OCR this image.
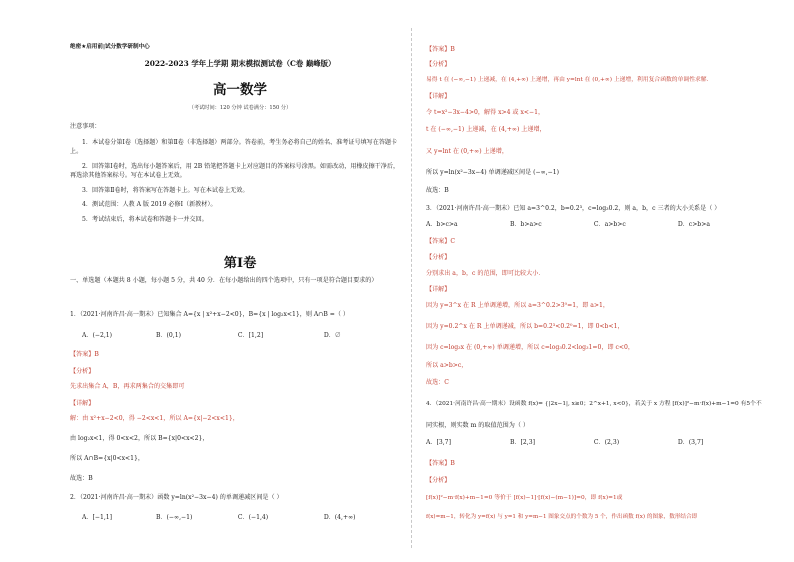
绝密★启用前|试分数学研制中心
2022-2023 学年上学期 期末模拟测试卷（C卷 巅峰版）
高一数学
（考试时间：120 分钟 试卷满分：150 分）
注意事项：

1．本试卷分第Ⅰ卷（选择题）和第Ⅱ卷（非选择题）两部分。答卷前，考生务必将自己的姓名、准考证号填写在答题卡上。

2．回答第Ⅰ卷时，选出每小题答案后，用 2B 铅笔把答题卡上对应题目的答案标号涂黑。如需改动，用橡皮擦干净后，再选涂其他答案标号。写在本试卷上无效。

3．回答第Ⅱ卷时，将答案写在答题卡上。写在本试卷上无效。

4．测试范围：人教 A 版 2019 必修Ⅰ（新教材）。

5．考试结束后，将本试卷和答题卡一并交回。

第Ⅰ卷
一、单选题（本题共 8 小题，每小题 5 分，共 40 分．在每小题给出的四个选项中，只有一项是符合题目要求的）
1．（2021·河南许昌·高一期末）已知集合 A={x | x²+x−2<0}，B={x | log₂x<1}，则 A∩B =（ ）
A．(−2,1)	B．(0,1)	C．[1,2]	D．∅
【答案】B
【分析】
先求出集合 A，B，再求两集合的交集即可
【详解】
解：由 x²+x−2<0，得 −2<x<1，所以 A={x|−2<x<1}，
由 log₂x<1，得 0<x<2，所以 B={x|0<x<2}，
所以 A∩B={x|0<x<1}，
故选：B
2．（2021·河南许昌·高一期末）函数 y=ln(x²−3x−4) 的单调递减区间是（ ）
A．[−1,1]	B．(−∞,−1)	C．(−1,4)	D．(4,+∞)
【答案】B
【分析】
易得 t 在 (−∞,−1) 上递减，在 (4,+∞) 上递增，再由 y=lnt 在 (0,+∞) 上递增，利用复合函数的单调性求解．
【详解】
令 t=x²−3x−4>0，解得 x>4 或 x<−1，
t 在 (−∞,−1) 上递减，在 (4,+∞) 上递增，
又 y=lnt 在 (0,+∞) 上递增，
所以 y=ln(x²−3x−4) 单调递减区间是 (−∞,−1)
故选：B
3．（2021·河南许昌·高一期末）已知 a=3^0.2，b=0.2³，c=log₃0.2，则 a，b，c 三者的大小关系是（ ）
A．b>c>a	B．b>a>c	C．a>b>c	D．c>b>a
【答案】C
【分析】
分别求出 a，b，c 的范围，即可比较大小．
【详解】
因为 y=3^x 在 R 上单调递增，所以 a=3^0.2>3⁰=1，即 a>1，
因为 y=0.2^x 在 R 上单调递减，所以 b=0.2³<0.2⁰=1，即 0<b<1，
因为 c=log₃x 在 (0,+∞) 单调递增，所以 c=log₃0.2<log₃1=0，即 c<0，
所以 a>b>c，
故选：C
4．（2021·河南许昌·高一期末）设函数 f(x)= {|2x−1|, x≥0；2^x+1, x<0}，若关于 x 方程 [f(x)]²−m·f(x)+m−1=0 有5个不
同实根，则实数 m 的取值范围为（ ）
A．[3,7]	B．[2,3]	C．(2,3)	D．(3,7]
【答案】B
【分析】
[f(x)]²−m·f(x)+m−1=0 等价于 [f(x)−1]·[f(x)−(m−1)]=0，即 f(x)=1或
f(x)=m−1，转化为 y=f(x) 与 y=1 和 y=m−1 图象交点的个数为 5 个，作出函数 f(x) 的图象，数形结合即
